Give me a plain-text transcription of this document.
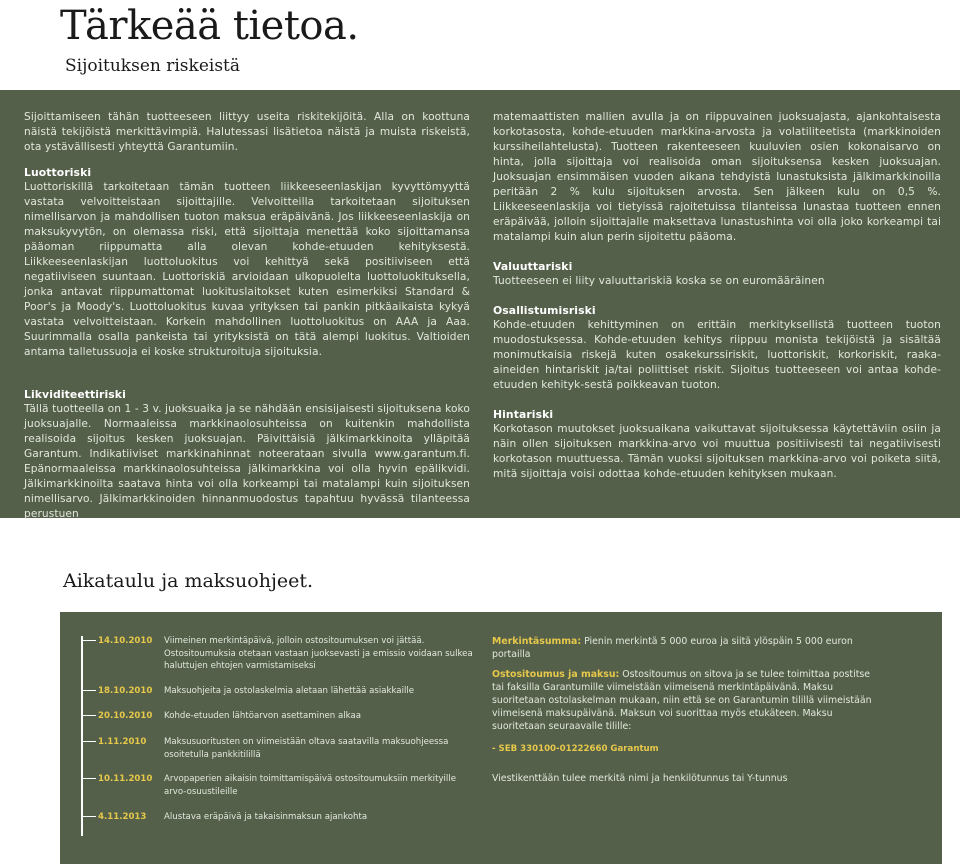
Tärkeää tietoa.
Sijoituksen riskeistä

Sijoittamiseen tähän tuotteeseen liittyy useita riskitekijöitä. Alla on koottuna näistä tekijöistä merkittävimpiä. Halutessasi lisätietoa näistä ja muista riskeistä, ota ystävällisesti yhteyttä Garantumiin.

Luottoriski

Luottoriskillä tarkoitetaan tämän tuotteen liikkeeseenlaskijan kyvyttömyyttä vastata velvoitteistaan sijoittajille. Velvoitteilla tarkoitetaan sijoituksen nimellisarvon ja mahdollisen tuoton maksua eräpäivänä. Jos liikkeeseenlaskija on maksukyvytön, on olemassa riski, että sijoittaja menettää koko sijoittamansa pääoman riippumatta alla olevan kohde-etuuden kehityksestä. Liikkeeseenlaskijan luottoluokitus voi kehittyä sekä positiiviseen että negatiiviseen suuntaan. Luottoriskiä arvioidaan ulkopuolelta luottoluokituksella, jonka antavat riippumattomat luokituslaitokset kuten esimerkiksi Standard & Poor's ja Moody's. Luottoluokitus kuvaa yrityksen tai pankin pitkäaikaista kykyä vastata velvoitteistaan. Korkein mahdollinen luottoluokitus on AAA ja Aaa. Suurimmalla osalla pankeista tai yrityksistä on tätä alempi luokitus. Valtioiden antama talletussuoja ei koske strukturoituja sijoituksia.

Likviditeettiriski

Tällä tuotteella on 1 - 3 v. juoksuaika ja se nähdään ensisijaisesti sijoituksena koko juoksuajalle. Normaaleissa markkinaolosuhteissa on kuitenkin mahdollista realisoida sijoitus kesken juoksuajan. Päivittäisiä jälkimarkkinoita ylläpitää Garantum. Indikatiiviset markkinahinnat noteerataan sivulla www.garantum.fi. Epänormaaleissa markkinaolosuhteissa jälkimarkkina voi olla hyvin epälikvidi. Jälkimarkkinoilta saatava hinta voi olla korkeampi tai matalampi kuin sijoituksen nimellisarvo. Jälkimarkkinoiden hinnanmuodostus tapahtuu hyvässä tilanteessa perustuen

matemaattisten mallien avulla ja on riippuvainen juoksuajasta, ajankohtaisesta korkotasosta, kohde-etuuden markkina-arvosta ja volatiliteetista (markkinoiden kurssiheilahtelusta). Tuotteen rakenteeseen kuuluvien osien kokonaisarvo on hinta, jolla sijoittaja voi realisoida oman sijoituksensa kesken juoksuajan. Juoksuajan ensimmäisen vuoden aikana tehdyistä lunastuksista jälkimarkkinoilla peritään 2 % kulu sijoituksen arvosta. Sen jälkeen kulu on 0,5 %. Liikkeeseenlaskija voi tietyissä rajoitetuissa tilanteissa lunastaa tuotteen ennen eräpäivää, jolloin sijoittajalle maksettava lunastushinta voi olla joko korkeampi tai matalampi kuin alun perin sijoitettu pääoma.

Valuuttariski

Tuotteeseen ei liity valuuttariskiä koska se on euromääräinen

Osallistumisriski

Kohde-etuuden kehittyminen on erittäin merkityksellistä tuotteen tuoton muodostuksessa. Kohde-etuuden kehitys riippuu monista tekijöistä ja sisältää monimutkaisia riskejä kuten osakekurssiriskit, luottoriskit, korkoriskit, raaka-aineiden hintariskit ja/tai poliittiset riskit. Sijoitus tuotteeseen voi antaa kohde-etuuden kehityk-sestä poikkeavan tuoton.

Hintariski

Korkotason muutokset juoksuaikana vaikuttavat sijoituksessa käytettäviin osiin ja näin ollen sijoituksen markkina-arvo voi muuttua positiivisesti tai negatiivisesti korkotason muuttuessa. Tämän vuoksi sijoituksen markkina-arvo voi poiketa siitä, mitä sijoittaja voisi odottaa kohde-etuuden kehityksen mukaan.

Aikataulu ja maksuohjeet.
14.10.2010 Viimeinen merkintäpäivä, jolloin ostositoumuksen voi jättää. Ostositoumuksia otetaan vastaan juoksevasti ja emissio voidaan sulkea haluttujen ehtojen varmistamiseksi
18.10.2010 Maksuohjeita ja ostolaskelmia aletaan lähettää asiakkaille
20.10.2010 Kohde-etuuden lähtöarvon asettaminen alkaa
1.11.2010 Maksusuoritusten on viimeistään oltava saatavilla maksuohjeessa osoitetulla pankkitilillä
10.11.2010 Arvopaperien aikaisin toimittamispäivä ostositoumuksiin merkityille arvo-osuustileille
4.11.2013 Alustava eräpäivä ja takaisinmaksun ajankohta
Merkintäsumma: Pienin merkintä 5 000 euroa ja siitä ylöspäin 5 000 euron portailla
Ostositoumus ja maksu: Ostositoumus on sitova ja se tulee toimittaa postitse tai faksilla Garantumille viimeistään viimeisenä merkintäpäivänä. Maksu suoritetaan ostolaskelman mukaan, niin että se on Garantumin tilillä viimeistään viimeisenä maksupäivänä. Maksun voi suorittaa myös etukäteen. Maksu suoritetaan seuraavalle tilille:
- SEB 330100-01222660 Garantum
Viestikenttään tulee merkitä nimi ja henkilötunnus tai Y-tunnus
